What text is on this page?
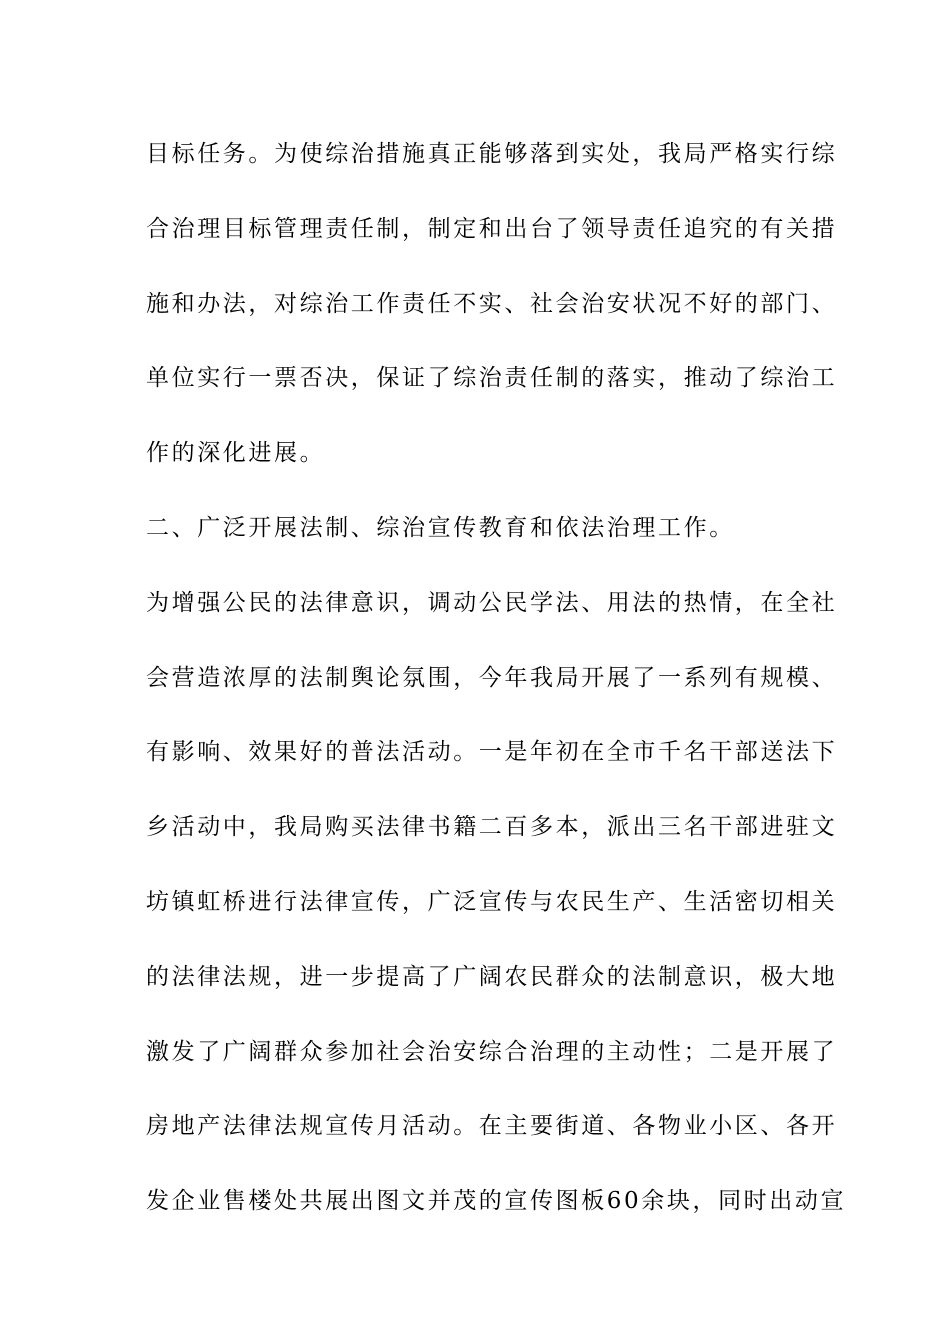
目标任务。为使综治措施真正能够落到实处，我局严格实行综
合治理目标管理责任制，制定和出台了领导责任追究的有关措
施和办法，对综治工作责任不实、社会治安状况不好的部门、
单位实行一票否决，保证了综治责任制的落实，推动了综治工
作的深化进展。
二、广泛开展法制、综治宣传教育和依法治理工作。
为增强公民的法律意识，调动公民学法、用法的热情，在全社
会营造浓厚的法制舆论氛围，今年我局开展了一系列有规模、
有影响、效果好的普法活动。一是年初在全市千名干部送法下
乡活动中，我局购买法律书籍二百多本，派出三名干部进驻文
坊镇虹桥进行法律宣传，广泛宣传与农民生产、生活密切相关
的法律法规，进一步提高了广阔农民群众的法制意识，极大地
激发了广阔群众参加社会治安综合治理的主动性；二是开展了
房地产法律法规宣传月活动。在主要街道、各物业小区、各开
发企业售楼处共展出图文并茂的宣传图板60余块，同时出动宣
